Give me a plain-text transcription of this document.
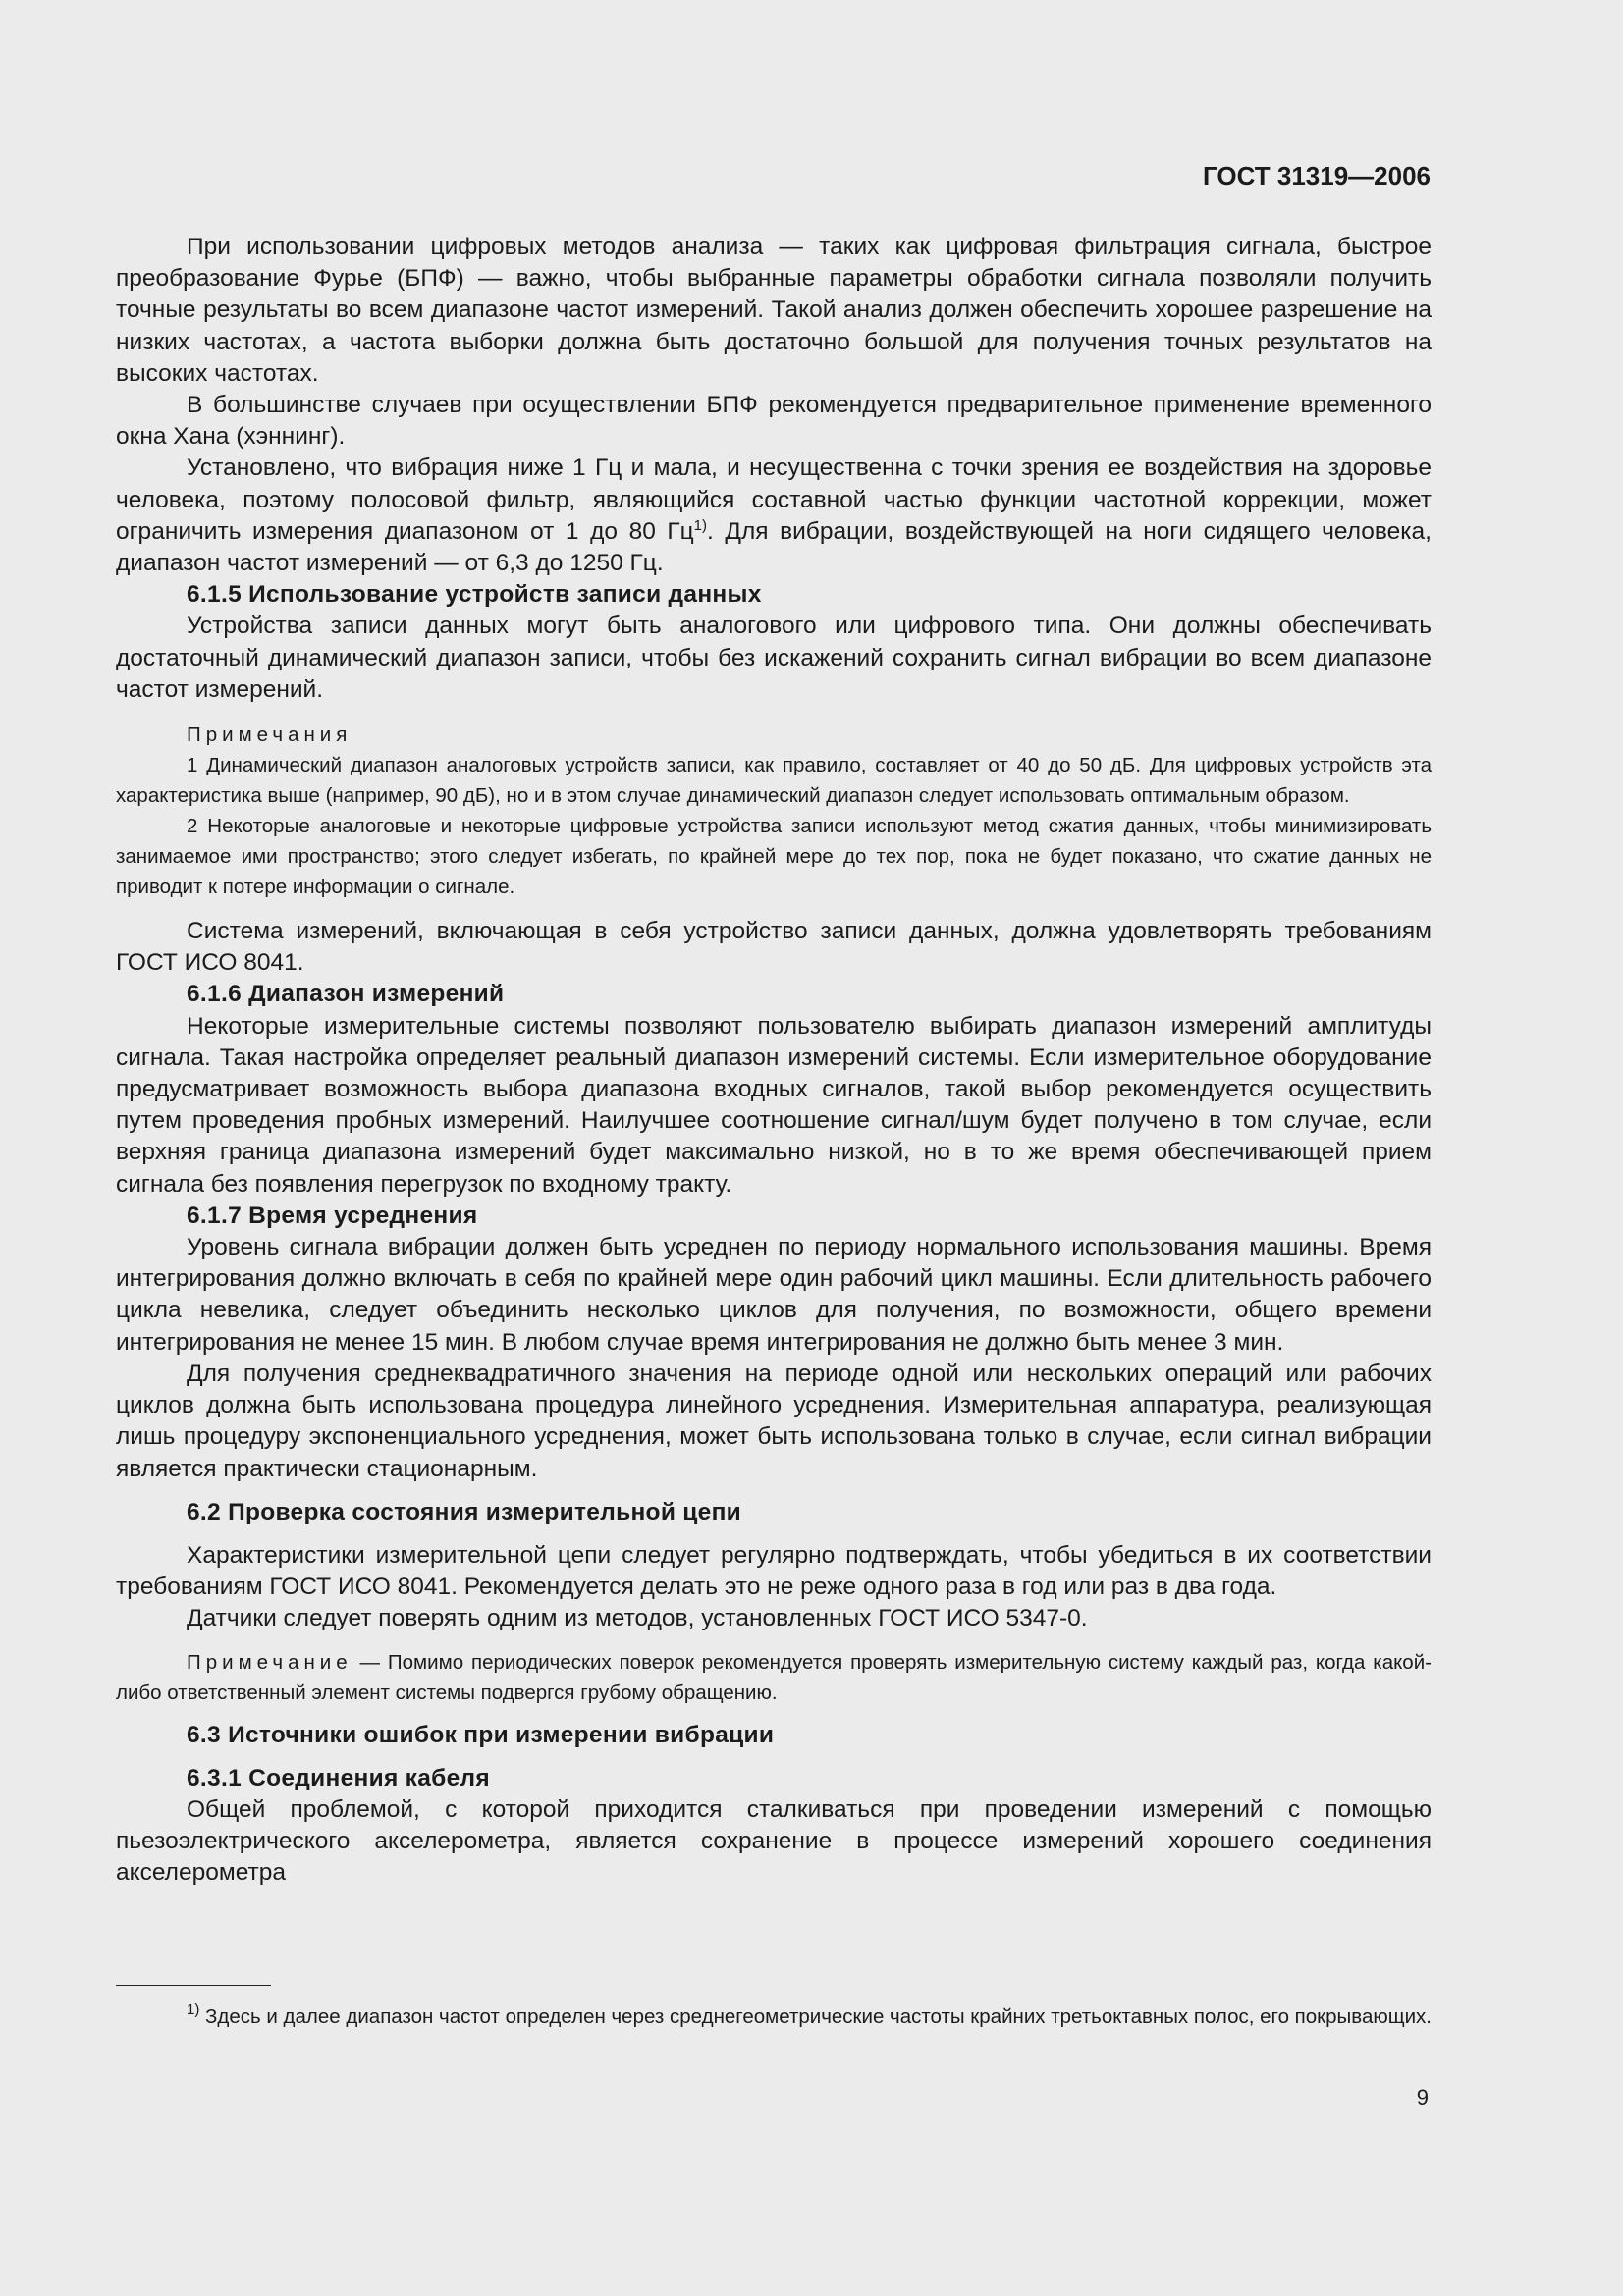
ГОСТ 31319—2006

При использовании цифровых методов анализа — таких как цифровая фильтрация сигнала, быстрое преобразование Фурье (БПФ) — важно, чтобы выбранные параметры обработки сигнала позволяли получить точные результаты во всем диапазоне частот измерений. Такой анализ должен обеспечить хорошее разрешение на низких частотах, а частота выборки должна быть достаточно большой для получения точных результатов на высоких частотах.

В большинстве случаев при осуществлении БПФ рекомендуется предварительное применение временного окна Хана (хэннинг).

Установлено, что вибрация ниже 1 Гц и мала, и несущественна с точки зрения ее воздействия на здоровье человека, поэтому полосовой фильтр, являющийся составной частью функции частотной коррекции, может ограничить измерения диапазоном от 1 до 80 $Гц^{1)}$. Для вибрации, воздействующей на ноги сидящего человека, диапазон частот измерений — от 6,3 до 1250 Гц.

6.1.5 Использование устройств записи данных

Устройства записи данных могут быть аналогового или цифрового типа. Они должны обеспечивать достаточный динамический диапазон записи, чтобы без искажений сохранить сигнал вибрации во всем диапазоне частот измерений.

Примечания

1 Динамический диапазон аналоговых устройств записи, как правило, составляет от 40 до 50 дБ. Для цифровых устройств эта характеристика выше (например, 90 дБ), но и в этом случае динамический диапазон следует использовать оптимальным образом.

2 Некоторые аналоговые и некоторые цифровые устройства записи используют метод сжатия данных, чтобы минимизировать занимаемое ими пространство; этого следует избегать, по крайней мере до тех пор, пока не будет показано, что сжатие данных не приводит к потере информации о сигнале.

Система измерений, включающая в себя устройство записи данных, должна удовлетворять требованиям ГОСТ ИСО 8041.

6.1.6 Диапазон измерений

Некоторые измерительные системы позволяют пользователю выбирать диапазон измерений амплитуды сигнала. Такая настройка определяет реальный диапазон измерений системы. Если измерительное оборудование предусматривает возможность выбора диапазона входных сигналов, такой выбор рекомендуется осуществить путем проведения пробных измерений. Наилучшее соотношение сигнал/шум будет получено в том случае, если верхняя граница диапазона измерений будет максимально низкой, но в то же время обеспечивающей прием сигнала без появления перегрузок по входному тракту.

6.1.7 Время усреднения

Уровень сигнала вибрации должен быть усреднен по периоду нормального использования машины. Время интегрирования должно включать в себя по крайней мере один рабочий цикл машины. Если длительность рабочего цикла невелика, следует объединить несколько циклов для получения, по возможности, общего времени интегрирования не менее 15 мин. В любом случае время интегрирования не должно быть менее 3 мин.

Для получения среднеквадратичного значения на периоде одной или нескольких операций или рабочих циклов должна быть использована процедура линейного усреднения. Измерительная аппаратура, реализующая лишь процедуру экспоненциального усреднения, может быть использована только в случае, если сигнал вибрации является практически стационарным.

6.2 Проверка состояния измерительной цепи

Характеристики измерительной цепи следует регулярно подтверждать, чтобы убедиться в их соответствии требованиям ГОСТ ИСО 8041. Рекомендуется делать это не реже одного раза в год или раз в два года.

Датчики следует поверять одним из методов, установленных ГОСТ ИСО 5347-0.

Примечание — Помимо периодических поверок рекомендуется проверять измерительную систему каждый раз, когда какой-либо ответственный элемент системы подвергся грубому обращению.

6.3 Источники ошибок при измерении вибрации

6.3.1 Соединения кабеля

Общей проблемой, с которой приходится сталкиваться при проведении измерений с помощью пьезоэлектрического акселерометра, является сохранение в процессе измерений хорошего соединения акселерометра

$^{1)}$ Здесь и далее диапазон частот определен через среднегеометрические частоты крайних третьоктавных полос, его покрывающих.

9
